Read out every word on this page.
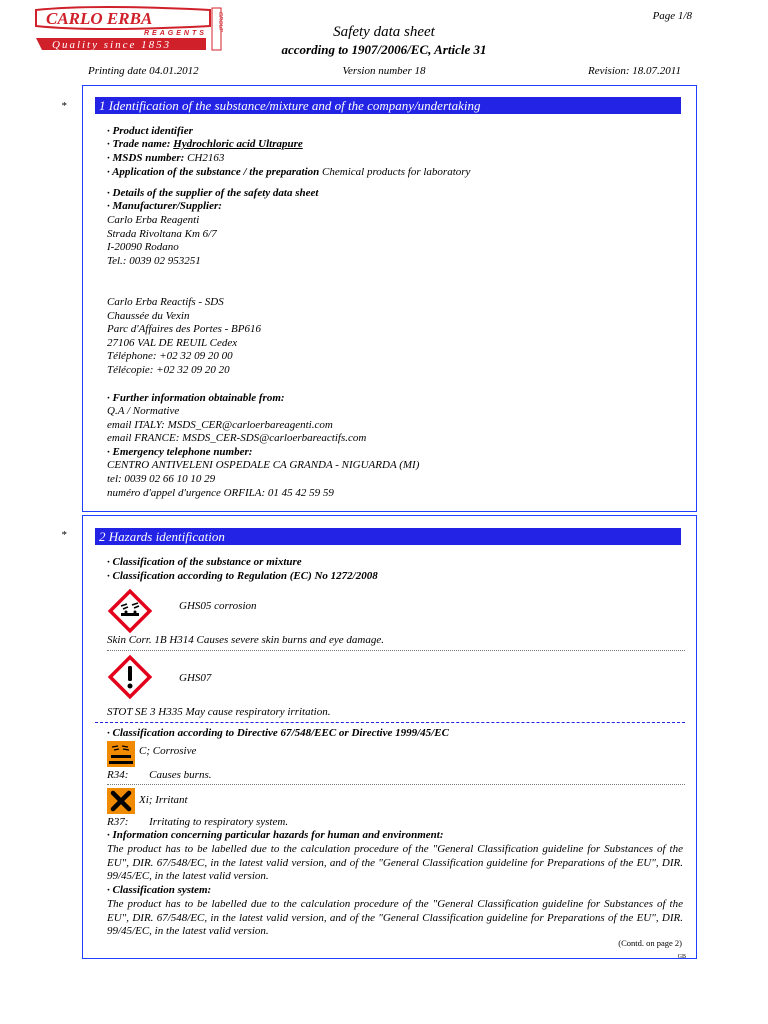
CARLO ERBA
REAGENTS
Quality since 1853
GROUP	Page 1/8
Safety data sheet
according to 1907/2006/EC, Article 31
Printing date 04.01.2012	Version number 18	Revision: 18.07.2011
*	1 Identification of the substance/mixture and of the company/undertaking
· Product identifier
· Trade name: Hydrochloric acid Ultrapure
· MSDS number: CH2163
· Application of the substance / the preparation Chemical products for laboratory
· Details of the supplier of the safety data sheet
· Manufacturer/Supplier:
Carlo Erba Reagenti
Strada Rivoltana Km 6/7
I-20090 Rodano
Tel.: 0039 02 953251
Carlo Erba Reactifs - SDS
Chaussée du Vexin
Parc d'Affaires des Portes - BP616
27106 VAL DE REUIL Cedex
Téléphone: +02 32 09 20 00
Télécopie: +02 32 09 20 20
· Further information obtainable from:
Q.A / Normative
email ITALY: MSDS_CER@carloerbareagenti.com
email FRANCE: MSDS_CER-SDS@carloerbareactifs.com
· Emergency telephone number:
CENTRO ANTIVELENI OSPEDALE CA GRANDA - NIGUARDA (MI)
tel: 0039 02 66 10 10 29
numéro d'appel d'urgence ORFILA: 01 45 42 59 59
*	2 Hazards identification
· Classification of the substance or mixture
· Classification according to Regulation (EC) No 1272/2008
GHS05 corrosion
Skin Corr. 1B H314 Causes severe skin burns and eye damage.
GHS07
STOT SE 3 H335 May cause respiratory irritation.
· Classification according to Directive 67/548/EEC or Directive 1999/45/EC
C; Corrosive
R34: Causes burns.
Xi; Irritant
R37: Irritating to respiratory system.
· Information concerning particular hazards for human and environment:
The product has to be labelled due to the calculation procedure of the "General Classification guideline for Substances of the EU", DIR. 67/548/EC, in the latest valid version, and of the "General Classification guideline for Preparations of the EU", DIR. 99/45/EC, in the latest valid version.
· Classification system:
The product has to be labelled due to the calculation procedure of the "General Classification guideline for Substances of the EU", DIR. 67/548/EC, in the latest valid version, and of the "General Classification guideline for Preparations of the EU", DIR. 99/45/EC, in the latest valid version.
(Contd. on page 2)
GB
